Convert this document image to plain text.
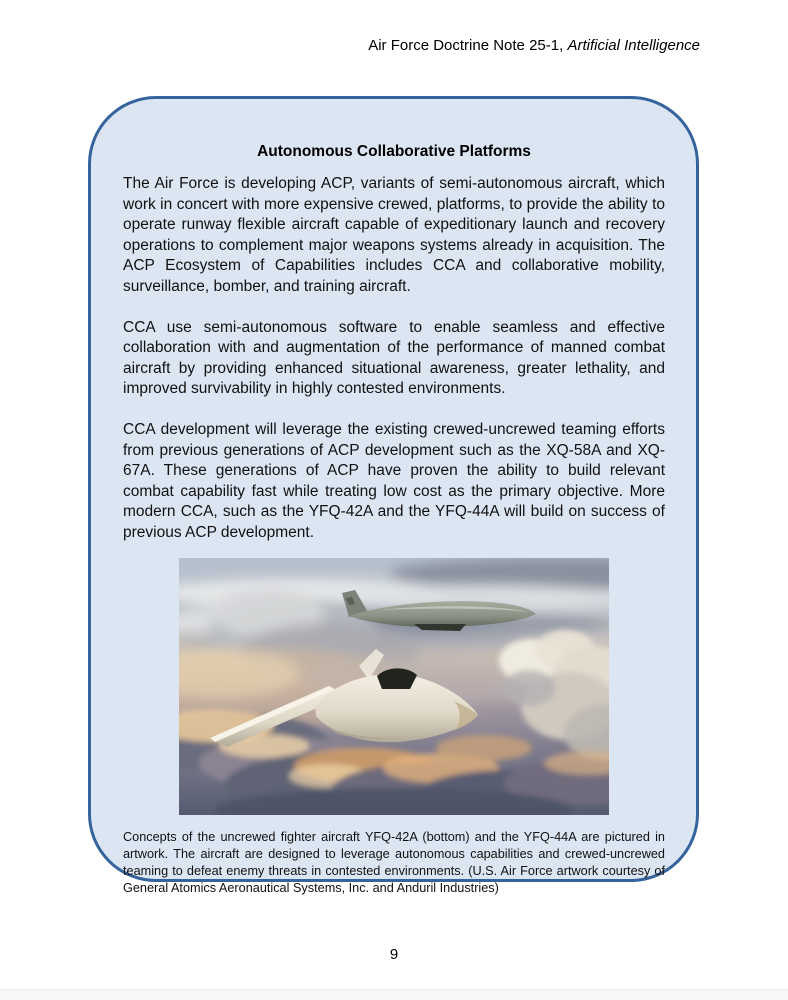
Air Force Doctrine Note 25-1, Artificial Intelligence
Autonomous Collaborative Platforms

The Air Force is developing ACP, variants of semi-autonomous aircraft, which work in concert with more expensive crewed, platforms, to provide the ability to operate runway flexible aircraft capable of expeditionary launch and recovery operations to complement major weapons systems already in acquisition. The ACP Ecosystem of Capabilities includes CCA and collaborative mobility, surveillance, bomber, and training aircraft.

CCA use semi-autonomous software to enable seamless and effective collaboration with and augmentation of the performance of manned combat aircraft by providing enhanced situational awareness, greater lethality, and improved survivability in highly contested environments.

CCA development will leverage the existing crewed-uncrewed teaming efforts from previous generations of ACP development such as the XQ-58A and XQ-67A. These generations of ACP have proven the ability to build relevant combat capability fast while treating low cost as the primary objective. More modern CCA, such as the YFQ-42A and the YFQ-44A will build on success of previous ACP development.

Concepts of the uncrewed fighter aircraft YFQ-42A (bottom) and the YFQ-44A are pictured in artwork. The aircraft are designed to leverage autonomous capabilities and crewed-uncrewed teaming to defeat enemy threats in contested environments. (U.S. Air Force artwork courtesy of General Atomics Aeronautical Systems, Inc. and Anduril Industries)

9
